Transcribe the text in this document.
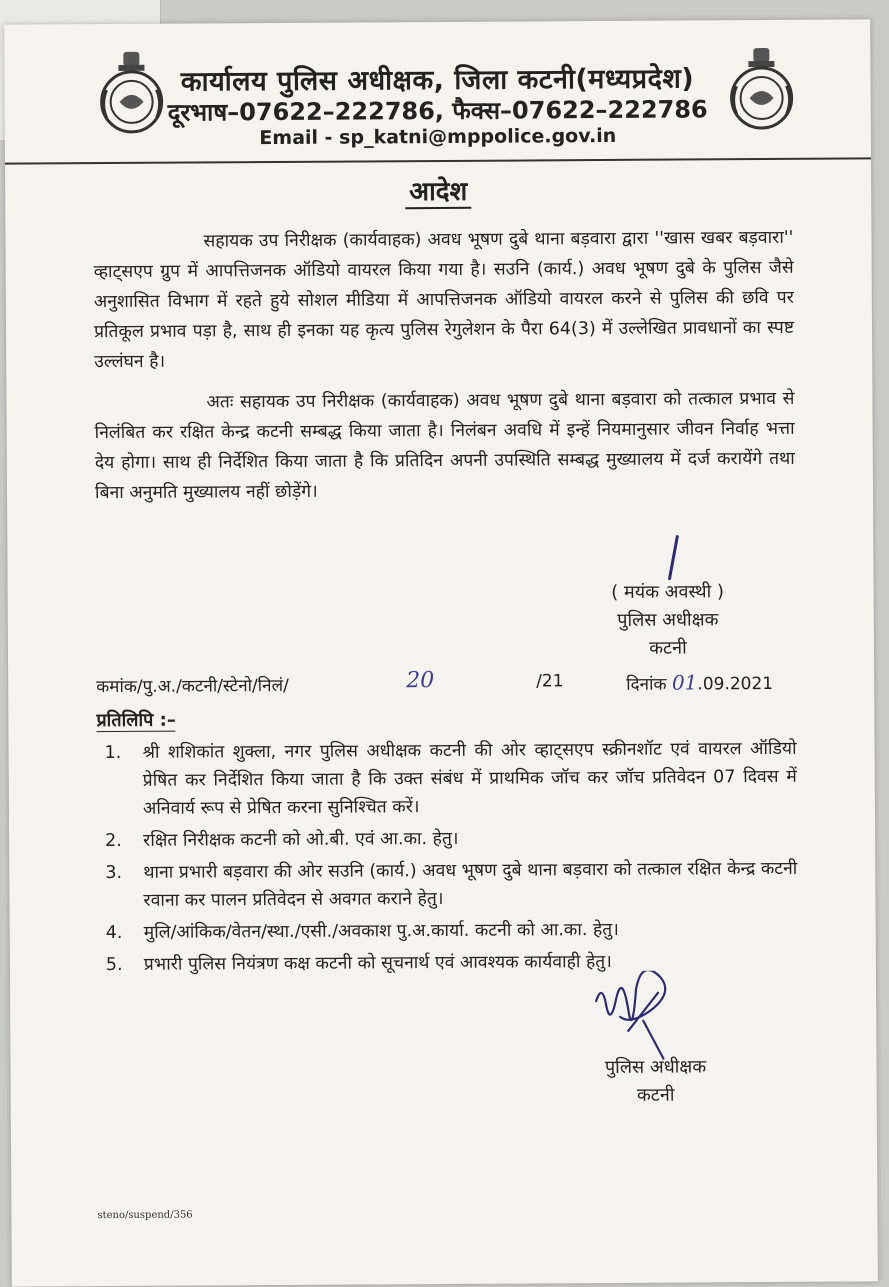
कार्यालय पुलिस अधीक्षक, जिला कटनी(मध्यप्रदेश)
दूरभाष–07622–222786, फैक्स–07622–222786
Email - sp_katni@mppolice.gov.in
आदेश
सहायक उप निरीक्षक (कार्यवाहक) अवध भूषण दुबे थाना बड़वारा द्वारा ''खास खबर बड़वारा'' व्हाट्सएप ग्रुप में आपत्तिजनक ऑडियो वायरल किया गया है। सउनि (कार्य.) अवध भूषण दुबे के पुलिस जैसे अनुशासित विभाग में रहते हुये सोशल मीडिया में आपत्तिजनक ऑडियो वायरल करने से पुलिस की छवि पर प्रतिकूल प्रभाव पड़ा है, साथ ही इनका यह कृत्य पुलिस रेगुलेशन के पैरा 64(3) में उल्लेखित प्रावधानों का स्पष्ट उल्लंघन है।
अतः सहायक उप निरीक्षक (कार्यवाहक) अवध भूषण दुबे थाना बड़वारा को तत्काल प्रभाव से निलंबित कर रक्षित केन्द्र कटनी सम्बद्ध किया जाता है। निलंबन अवधि में इन्हें नियमानुसार जीवन निर्वाह भत्ता देय होगा। साथ ही निर्देशित किया जाता है कि प्रतिदिन अपनी उपस्थिति सम्बद्ध मुख्यालय में दर्ज करायेंगे तथा बिना अनुमति मुख्यालय नहीं छोड़ेंगे।
( मयंक अवस्थी )
पुलिस अधीक्षक
कटनी
कमांक/पु.अ./कटनी/स्टेनो/निलं/	20	/21	दिनांक 01.09.2021
प्रतिलिपि :–
1. श्री शशिकांत शुक्ला, नगर पुलिस अधीक्षक कटनी की ओर व्हाट्सएप स्क्रीनशॉट एवं वायरल ऑडियो प्रेषित कर निर्देशित किया जाता है कि उक्त संबंध में प्राथमिक जॉच कर जॉच प्रतिवेदन 07 दिवस में अनिवार्य रूप से प्रेषित करना सुनिश्चित करें।
2. रक्षित निरीक्षक कटनी को ओ.बी. एवं आ.का. हेतु।
3. थाना प्रभारी बड़वारा की ओर सउनि (कार्य.) अवध भूषण दुबे थाना बड़वारा को तत्काल रक्षित केन्द्र कटनी रवाना कर पालन प्रतिवेदन से अवगत कराने हेतु।
4. मुलि/आंकिक/वेतन/स्था./एसी./अवकाश पु.अ.कार्या. कटनी को आ.का. हेतु।
5. प्रभारी पुलिस नियंत्रण कक्ष कटनी को सूचनार्थ एवं आवश्यक कार्यवाही हेतु।
पुलिस अधीक्षक
कटनी
steno/suspend/356
